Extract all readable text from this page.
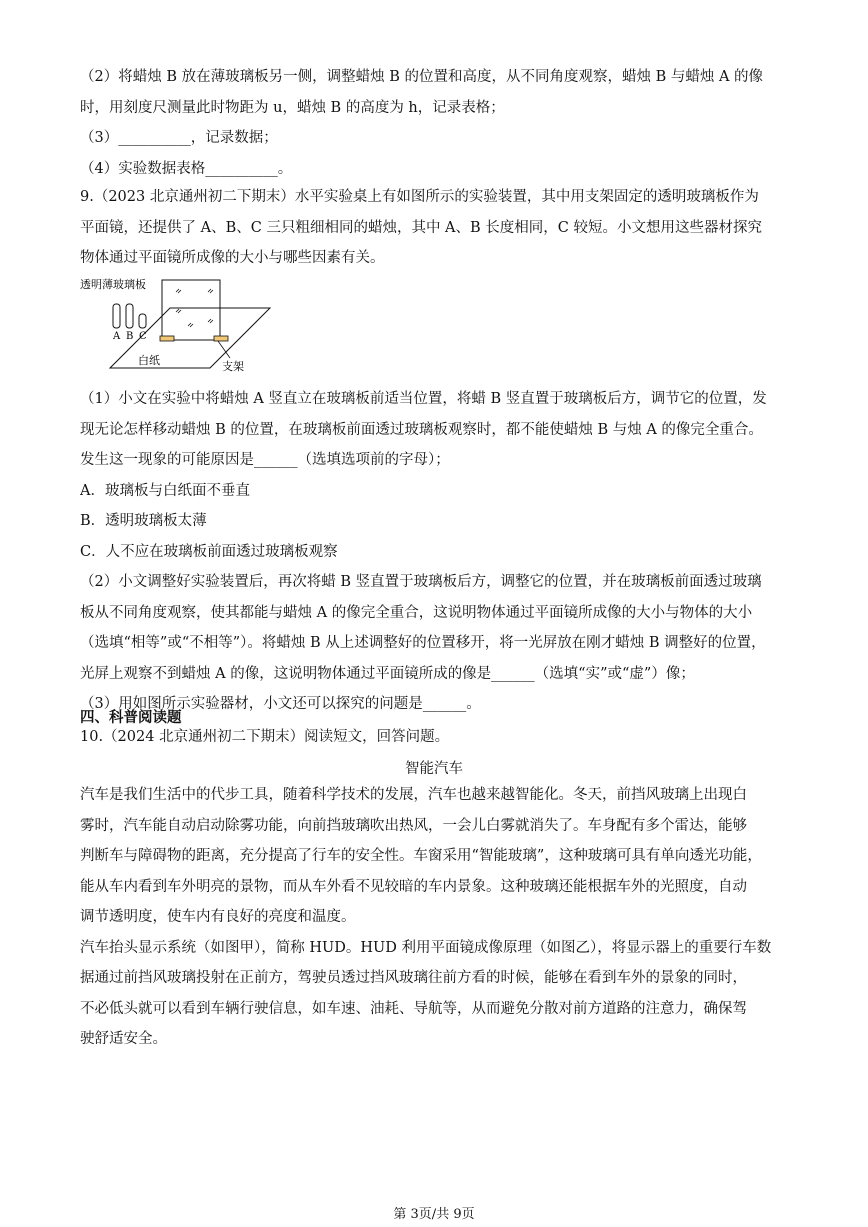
（2）将蜡烛 B 放在薄玻璃板另一侧，调整蜡烛 B 的位置和高度，从不同角度观察，蜡烛 B 与蜡烛 A 的像
时，用刻度尺测量此时物距为 u，蜡烛 B 的高度为 h，记录表格；
（3）__________，记录数据；
（4）实验数据表格__________。
9.（2023 北京通州初二下期末）水平实验桌上有如图所示的实验装置，其中用支架固定的透明玻璃板作为
平面镜，还提供了 A、B、C 三只粗细相同的蜡烛，其中 A、B 长度相同，C 较短。小文想用这些器材探究
物体通过平面镜所成像的大小与哪些因素有关。
透明薄玻璃板
A B C
白纸	支架
（1）小文在实验中将蜡烛 A 竖直立在玻璃板前适当位置，将蜡 B 竖直置于玻璃板后方，调节它的位置，发
现无论怎样移动蜡烛 B 的位置，在玻璃板前面透过玻璃板观察时，都不能使蜡烛 B 与烛 A 的像完全重合。
发生这一现象的可能原因是______（选填选项前的字母）；
A．玻璃板与白纸面不垂直
B．透明玻璃板太薄
C．人不应在玻璃板前面透过玻璃板观察
（2）小文调整好实验装置后，再次将蜡 B 竖直置于玻璃板后方，调整它的位置，并在玻璃板前面透过玻璃
板从不同角度观察，使其都能与蜡烛 A 的像完全重合，这说明物体通过平面镜所成像的大小与物体的大小
（选填“相等”或“不相等”）。将蜡烛 B 从上述调整好的位置移开，将一光屏放在刚才蜡烛 B 调整好的位置，
光屏上观察不到蜡烛 A 的像，这说明物体通过平面镜所成的像是______（选填“实”或“虚”）像；
（3）用如图所示实验器材，小文还可以探究的问题是______。
四、科普阅读题
10.（2024 北京通州初二下期末）阅读短文，回答问题。
智能汽车
汽车是我们生活中的代步工具，随着科学技术的发展，汽车也越来越智能化。冬天，前挡风玻璃上出现白
雾时，汽车能自动启动除雾功能，向前挡玻璃吹出热风，一会儿白雾就消失了。车身配有多个雷达，能够
判断车与障碍物的距离，充分提高了行车的安全性。车窗采用“智能玻璃”，这种玻璃可具有单向透光功能，
能从车内看到车外明亮的景物，而从车外看不见较暗的车内景象。这种玻璃还能根据车外的光照度，自动
调节透明度，使车内有良好的亮度和温度。
汽车抬头显示系统（如图甲），简称 HUD。HUD 利用平面镜成像原理（如图乙），将显示器上的重要行车数
据通过前挡风玻璃投射在正前方，驾驶员透过挡风玻璃往前方看的时候，能够在看到车外的景象的同时，
不必低头就可以看到车辆行驶信息，如车速、油耗、导航等，从而避免分散对前方道路的注意力，确保驾
驶舒适安全。
第 3页/共 9页
